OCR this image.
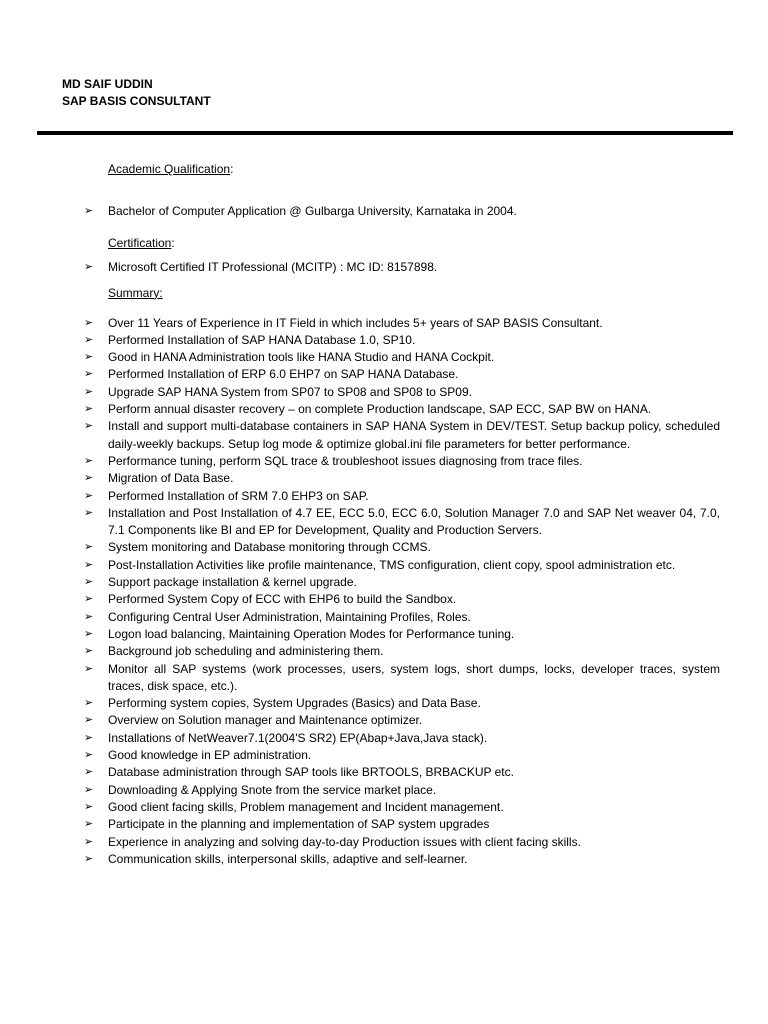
MD SAIF UDDIN
SAP BASIS CONSULTANT
Academic Qualification:
➢ Bachelor of Computer Application @ Gulbarga University, Karnataka in 2004.
Certification:
➢ Microsoft Certified IT Professional (MCITP) : MC ID: 8157898.
Summary:
➢ Over 11 Years of Experience in IT Field in which includes 5+ years of SAP BASIS Consultant.
➢ Performed Installation of SAP HANA Database 1.0, SP10.
➢ Good in HANA Administration tools like HANA Studio and HANA Cockpit.
➢ Performed Installation of ERP 6.0 EHP7 on SAP HANA Database.
➢ Upgrade SAP HANA System from SP07 to SP08 and SP08 to SP09.
➢ Perform annual disaster recovery – on complete Production landscape, SAP ECC, SAP BW on HANA.
➢ Install and support multi-database containers in SAP HANA System in DEV/TEST. Setup backup policy, scheduled daily-weekly backups. Setup log mode & optimize global.ini file parameters for better performance.
➢ Performance tuning, perform SQL trace & troubleshoot issues diagnosing from trace files.
➢ Migration of Data Base.
➢ Performed Installation of SRM 7.0 EHP3 on SAP.
➢ Installation and Post Installation of 4.7 EE, ECC 5.0, ECC 6.0, Solution Manager 7.0 and SAP Net weaver 04, 7.0, 7.1 Components like BI and EP for Development, Quality and Production Servers.
➢ System monitoring and Database monitoring through CCMS.
➢ Post-Installation Activities like profile maintenance, TMS configuration, client copy, spool administration etc.
➢ Support package installation & kernel upgrade.
➢ Performed System Copy of ECC with EHP6 to build the Sandbox.
➢ Configuring Central User Administration, Maintaining Profiles, Roles.
➢ Logon load balancing, Maintaining Operation Modes for Performance tuning.
➢ Background job scheduling and administering them.
➢ Monitor all SAP systems (work processes, users, system logs, short dumps, locks, developer traces, system traces, disk space, etc.).
➢ Performing system copies, System Upgrades (Basics) and Data Base.
➢ Overview on Solution manager and Maintenance optimizer.
➢ Installations of NetWeaver7.1(2004'S SR2) EP(Abap+Java,Java stack).
➢ Good knowledge in EP administration.
➢ Database administration through SAP tools like BRTOOLS, BRBACKUP etc.
➢ Downloading & Applying Snote from the service market place.
➢ Good client facing skills, Problem management and Incident management.
➢ Participate in the planning and implementation of SAP system upgrades
➢ Experience in analyzing and solving day-to-day Production issues with client facing skills.
➢ Communication skills, interpersonal skills, adaptive and self-learner.
